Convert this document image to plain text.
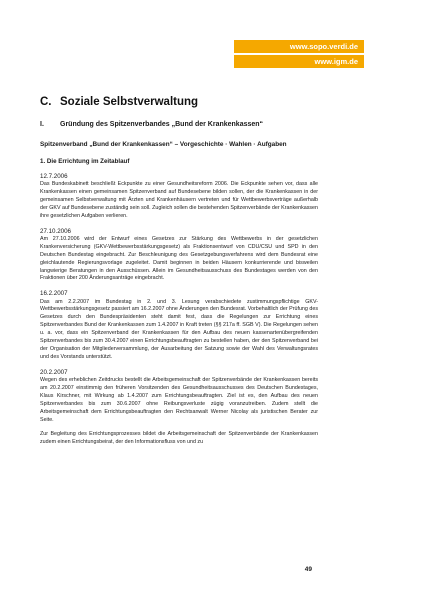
www.sopo.verdi.de
www.igm.de
C. Soziale Selbstverwaltung
I.	Gründung des Spitzenverbandes „Bund der Krankenkassen“
Spitzenverband „Bund der Krankenkassen“ – Vorgeschichte · Wahlen · Aufgaben
1. Die Errichtung im Zeitablauf

12.7.2006

Das Bundeskabinett beschließt Eckpunkte zu einer Gesundheitsreform 2006. Die Eckpunkte sehen vor, dass alle Krankenkassen einen gemeinsamen Spitzenverband auf Bundesebene bilden sollen, der die Krankenkassen in der gemeinsamen Selbstverwaltung mit Ärzten und Krankenhäusern vertreten und für Wettbewerbsverträge außerhalb der GKV auf Bundesebene zuständig sein soll. Zugleich sollen die bestehenden Spitzenverbände der Krankenkassen ihre gesetzlichen Aufgaben verlieren.

27.10.2006

Am 27.10.2006 wird der Entwurf eines Gesetzes zur Stärkung des Wettbewerbs in der gesetzlichen Krankenversicherung (GKV-Wettbewerbsstärkungsgesetz) als Fraktionsentwurf von CDU/CSU und SPD in den Deutschen Bundestag eingebracht. Zur Beschleunigung des Gesetzgebungsverfahrens wird dem Bundesrat eine gleichlautende Regierungsvorlage zugeleitet. Damit beginnen in beiden Häusern konkurrierende und bisweilen langwierige Beratungen in den Ausschüssen. Allein im Gesundheitsausschuss des Bundestages werden von den Fraktionen über 200 Änderungsanträge eingebracht.

16.2.2007

Das am 2.2.2007 im Bundestag in 2. und 3. Lesung verabschiedete zustimmungspflichtige GKV-Wettbewerbsstärkungsgesetz passiert am 16.2.2007 ohne Änderungen den Bundesrat. Vorbehaltlich der Prüfung des Gesetzes durch den Bundespräsidenten steht damit fest, dass die Regelungen zur Errichtung eines Spitzenverbandes Bund der Krankenkassen zum 1.4.2007 in Kraft treten (§§ 217a ff. SGB V). Die Regelungen sehen u. a. vor, dass ein Spitzenverband der Krankenkassen für den Aufbau des neuen kassenartenübergreifenden Spitzenverbandes bis zum 30.4.2007 einen Errichtungsbeauftragten zu bestellen haben, der den Spitzenverband bei der Organisation der Mitgliederversammlung, der Ausarbeitung der Satzung sowie der Wahl des Verwaltungsrates und des Vorstands unterstützt.

20.2.2007

Wegen des erheblichen Zeitdrucks bestellt die Arbeitsgemeinschaft der Spitzenverbände der Krankenkassen bereits am 20.2.2007 einstimmig den früheren Vorsitzenden des Gesundheitsausschusses des Deutschen Bundestages, Klaus Kirschner, mit Wirkung ab 1.4.2007 zum Errichtungsbeauftragten. Ziel ist es, den Aufbau des neuen Spitzenverbandes bis zum 30.6.2007 ohne Reibungsverluste zügig voranzutreiben. Zudem stellt die Arbeitsgemeinschaft dem Errichtungsbeauftragten den Rechtsanwalt Werner Nicolay als juristischen Berater zur Seite.

Zur Begleitung des Errichtungsprozesses bildet die Arbeitsgemeinschaft der Spitzenverbände der Krankenkassen zudem einen Errichtungsbeirat, der den Informationsfluss von und zu

49
